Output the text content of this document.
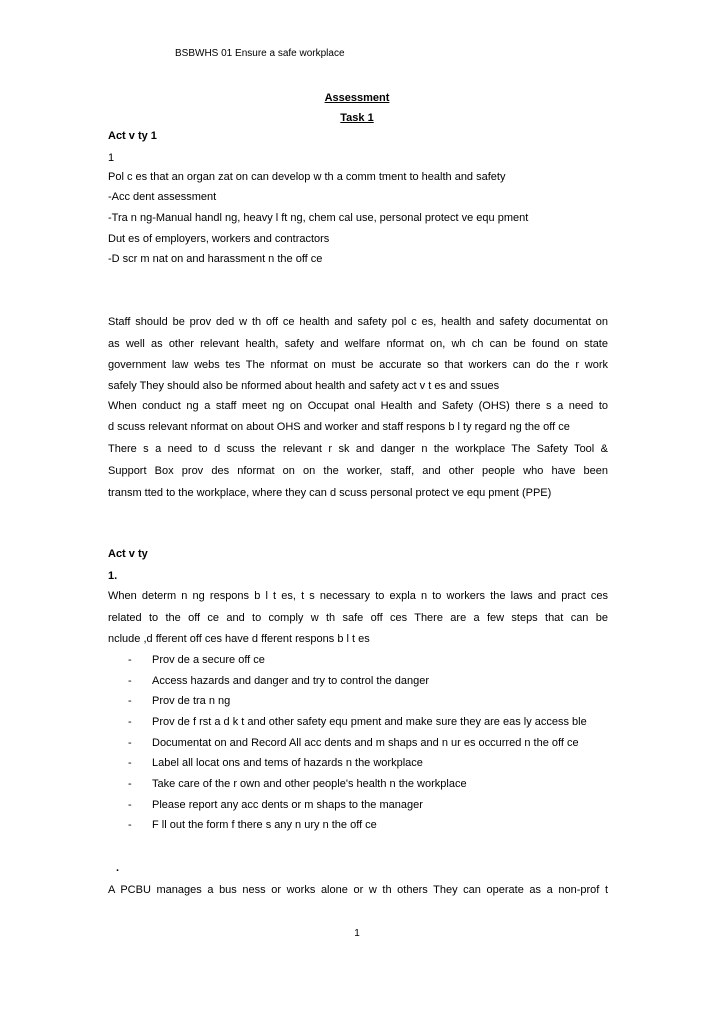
BSBWHS 01 Ensure a safe workplace
Assessment
Task 1
Act v ty 1
1
Pol c es that an organ zat on can develop w th a comm tment to health and safety
-Acc dent assessment
-Tra n ng-Manual handl ng, heavy l ft ng, chem cal use, personal protect ve equ pment
Dut es of employers, workers and contractors
-D scr m nat on and harassment n the off ce
Staff should be prov ded w th off ce health and safety pol c es, health and safety documentat on
as well as other relevant health, safety and welfare nformat on, wh ch can be found on state
government law webs tes The nformat on must be accurate so that workers can do the r work
safely They should also be nformed about health and safety act v t es and ssues
When conduct ng a staff meet ng on Occupat onal Health and Safety (OHS) there s a need to
d scuss relevant nformat on about OHS and worker and staff respons b l ty regard ng the off ce
There s a need to d scuss the relevant r sk and danger n the workplace The Safety Tool &
Support Box prov des nformat on on the worker, staff, and other people who have been
transm tted to the workplace, where they can d scuss personal protect ve equ pment (PPE)
Act v ty
1.
When determ n ng respons b l t es, t s necessary to expla n to workers the laws and pract ces
related to the off ce and to comply w th safe off ces There are a few steps that can be
nclude ,d fferent off ces have d fferent respons b l t es
- Prov de a secure off ce
- Access hazards and danger and try to control the danger
- Prov de tra n ng
- Prov de f rst a d k t and other safety equ pment and make sure they are eas ly access ble
- Documentat on and Record All acc dents and m shaps and n ur es occurred n the off ce
- Label all locat ons and tems of hazards n the workplace
- Take care of the r own and other people's health n the workplace
- Please report any acc dents or m shaps to the manager
- F ll out the form f there s any n ury n the off ce
.
A PCBU manages a bus ness or works alone or w th others They can operate as a non-prof t
1
